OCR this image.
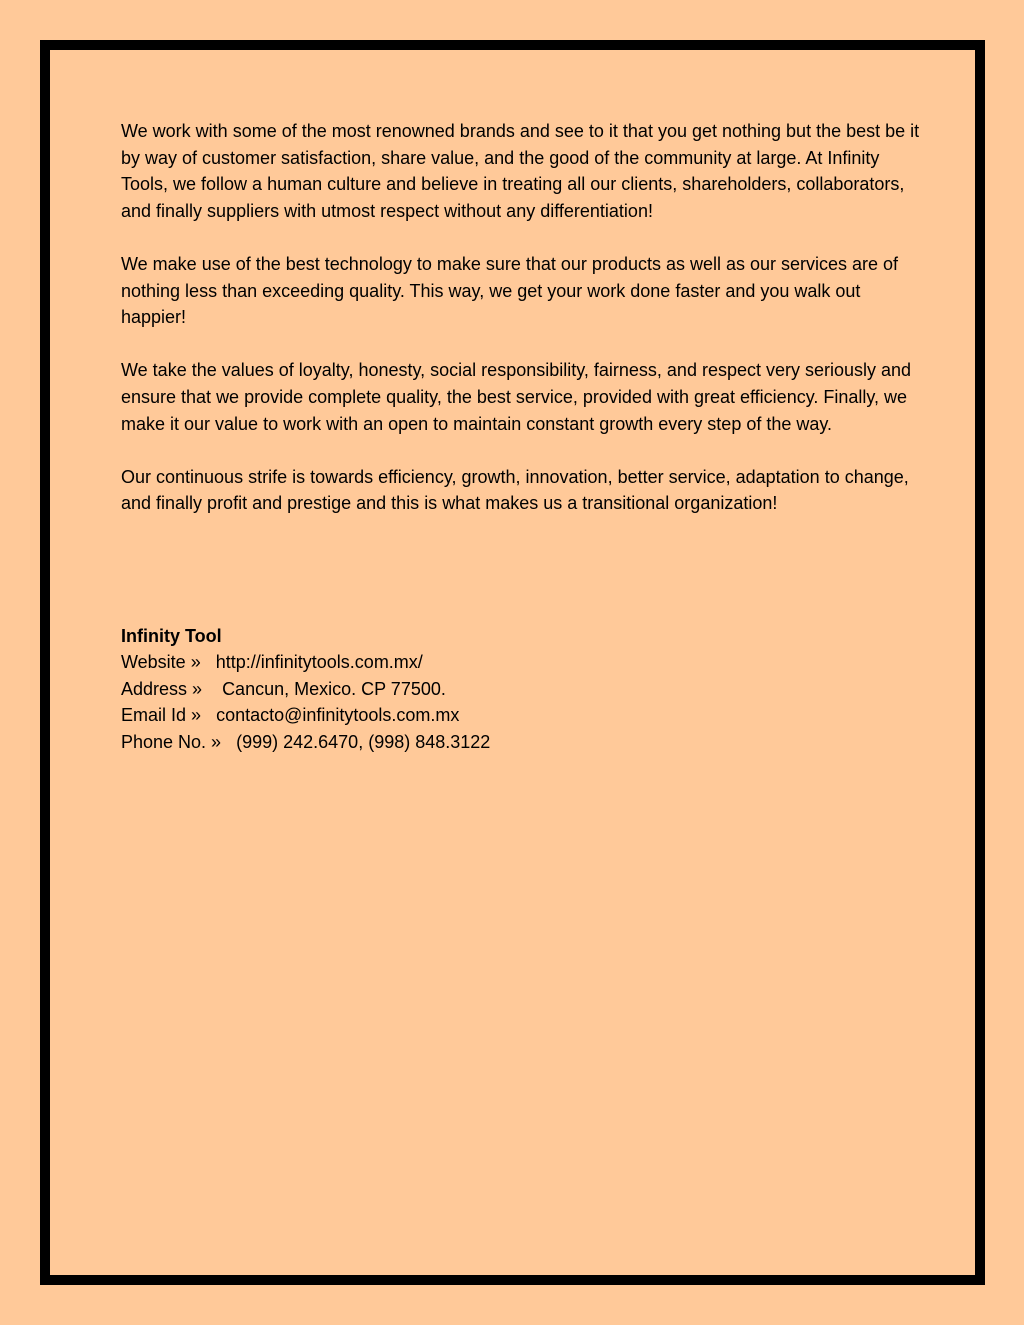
We work with some of the most renowned brands and see to it that you get nothing but the best be it by way of customer satisfaction, share value, and the good of the community at large. At Infinity Tools, we follow a human culture and believe in treating all our clients, shareholders, collaborators, and finally suppliers with utmost respect without any differentiation!

We make use of the best technology to make sure that our products as well as our services are of nothing less than exceeding quality. This way, we get your work done faster and you walk out happier!

We take the values of loyalty, honesty, social responsibility, fairness, and respect very seriously and ensure that we provide complete quality, the best service, provided with great efficiency. Finally, we make it our value to work with an open to maintain constant growth every step of the way.

Our continuous strife is towards efficiency, growth, innovation, better service, adaptation to change, and finally profit and prestige and this is what makes us a transitional organization!

Infinity Tool

Website » http://infinitytools.com.mx/

Address » Cancun, Mexico. CP 77500.

Email Id » contacto@infinitytools.com.mx

Phone No. » (999) 242.6470, (998) 848.3122
